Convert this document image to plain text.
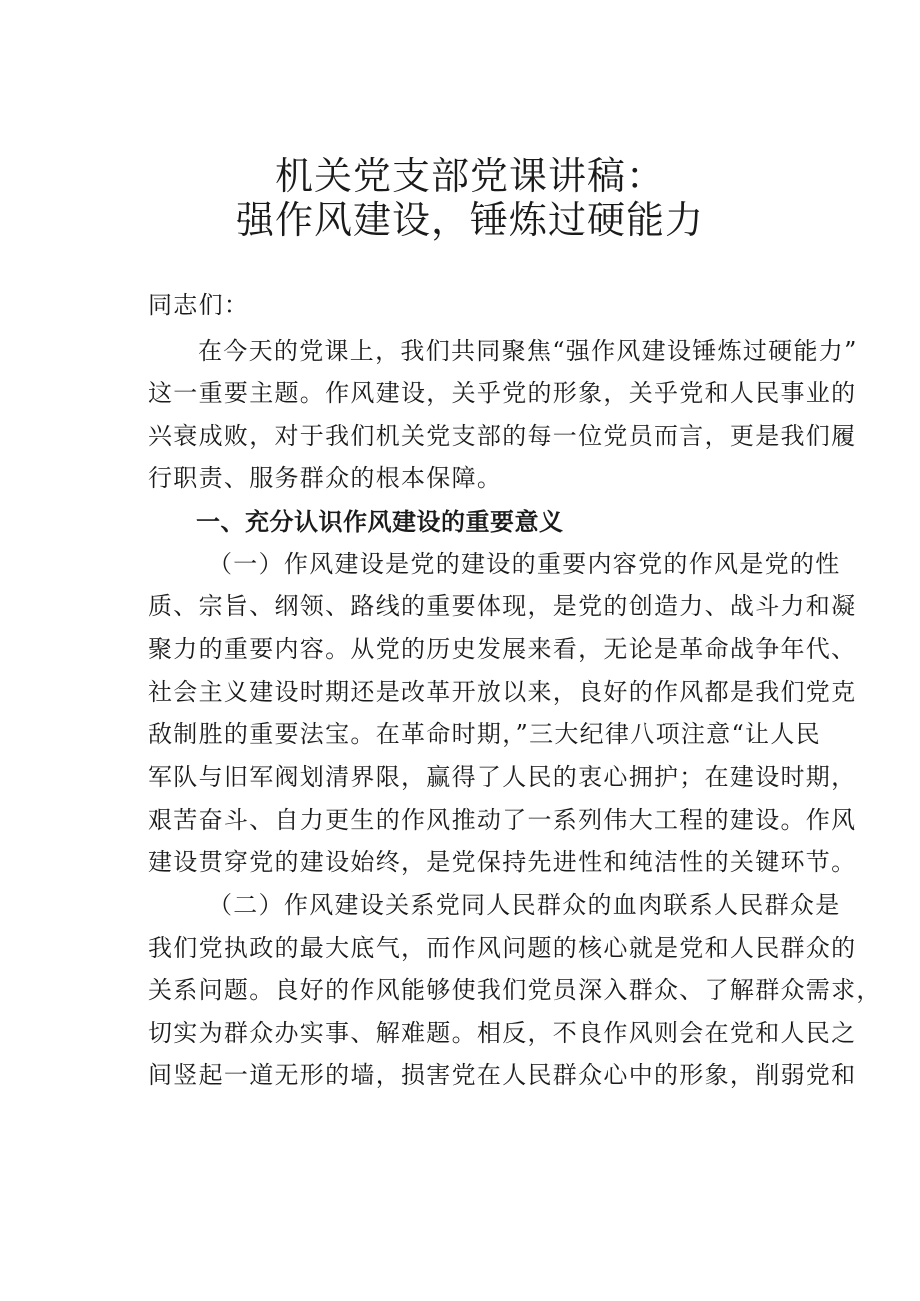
机关党支部党课讲稿：
强作风建设，锤炼过硬能力
同志们：
在今天的党课上，我们共同聚焦“强作风建设锤炼过硬能力”
这一重要主题。作风建设，关乎党的形象，关乎党和人民事业的
兴衰成败，对于我们机关党支部的每一位党员而言，更是我们履
行职责、服务群众的根本保障。
一、充分认识作风建设的重要意义
（一）作风建设是党的建设的重要内容党的作风是党的性
质、宗旨、纲领、路线的重要体现，是党的创造力、战斗力和凝
聚力的重要内容。从党的历史发展来看，无论是革命战争年代、
社会主义建设时期还是改革开放以来，良好的作风都是我们党克
敌制胜的重要法宝。在革命时期，”三大纪律八项注意“让人民
军队与旧军阀划清界限，赢得了人民的衷心拥护；在建设时期，
艰苦奋斗、自力更生的作风推动了一系列伟大工程的建设。作风
建设贯穿党的建设始终，是党保持先进性和纯洁性的关键环节。
（二）作风建设关系党同人民群众的血肉联系人民群众是
我们党执政的最大底气，而作风问题的核心就是党和人民群众的
关系问题。良好的作风能够使我们党员深入群众、了解群众需求，
切实为群众办实事、解难题。相反，不良作风则会在党和人民之
间竖起一道无形的墙，损害党在人民群众心中的形象，削弱党和
